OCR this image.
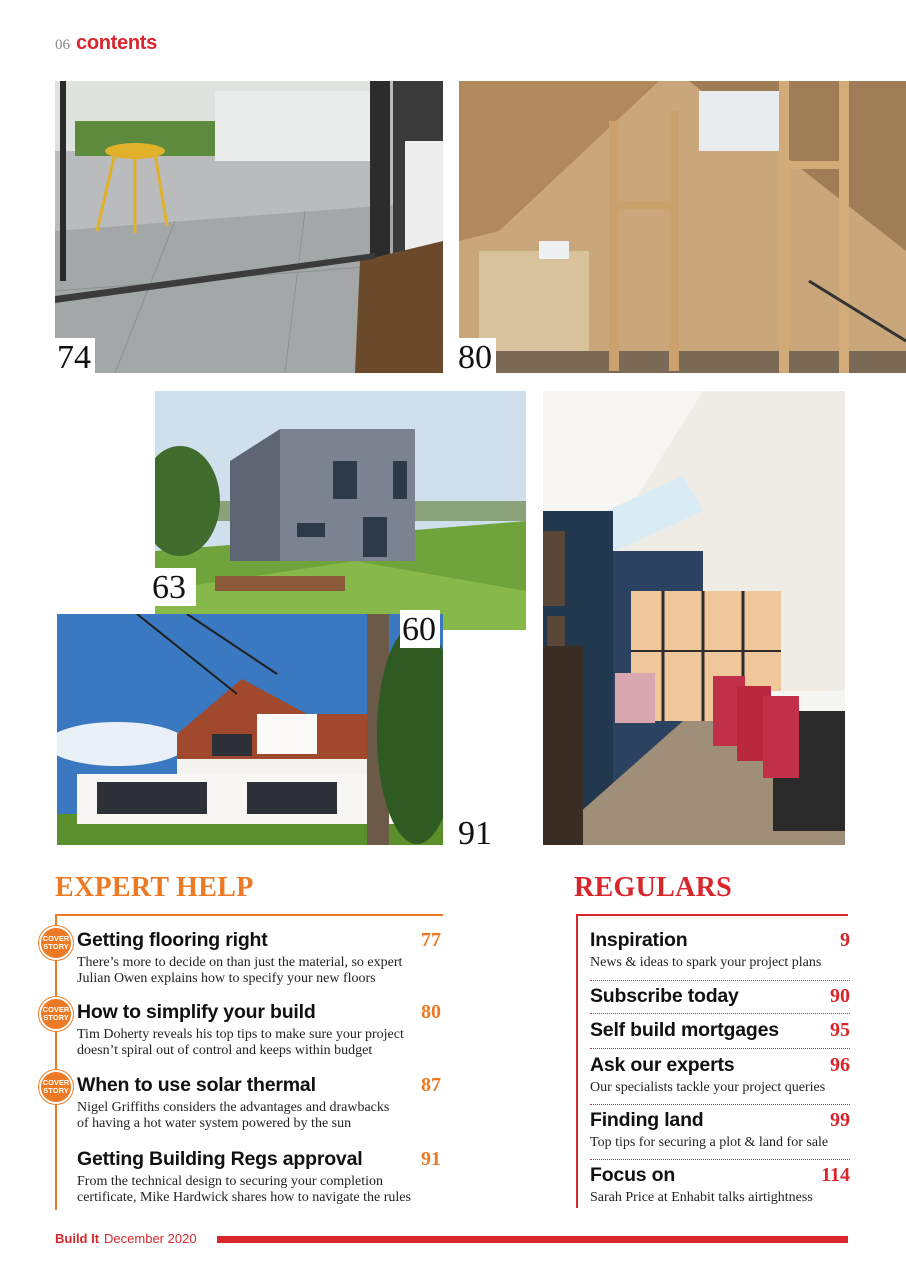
06 contents
74	80
63
60
91
EXPERT HELP
COVER
STORY Getting flooring right	77
There’s more to decide on than just the material, so expert
Julian Owen explains how to specify your new floors
COVER
STORY How to simplify your build	80
Tim Doherty reveals his top tips to make sure your project
doesn’t spiral out of control and keeps within budget
COVER
STORY When to use solar thermal	87
Nigel Griffiths considers the advantages and drawbacks
of having a hot water system powered by the sun
Getting Building Regs approval	91
From the technical design to securing your completion
certificate, Mike Hardwick shares how to navigate the rules
REGULARS
Inspiration	9
News & ideas to spark your project plans
Subscribe today	90
Self build mortgages	95
Ask our experts	96
Our specialists tackle your project queries
Finding land	99
Top tips for securing a plot & land for sale
Focus on	114
Sarah Price at Enhabit talks airtightness
Build It December 2020
